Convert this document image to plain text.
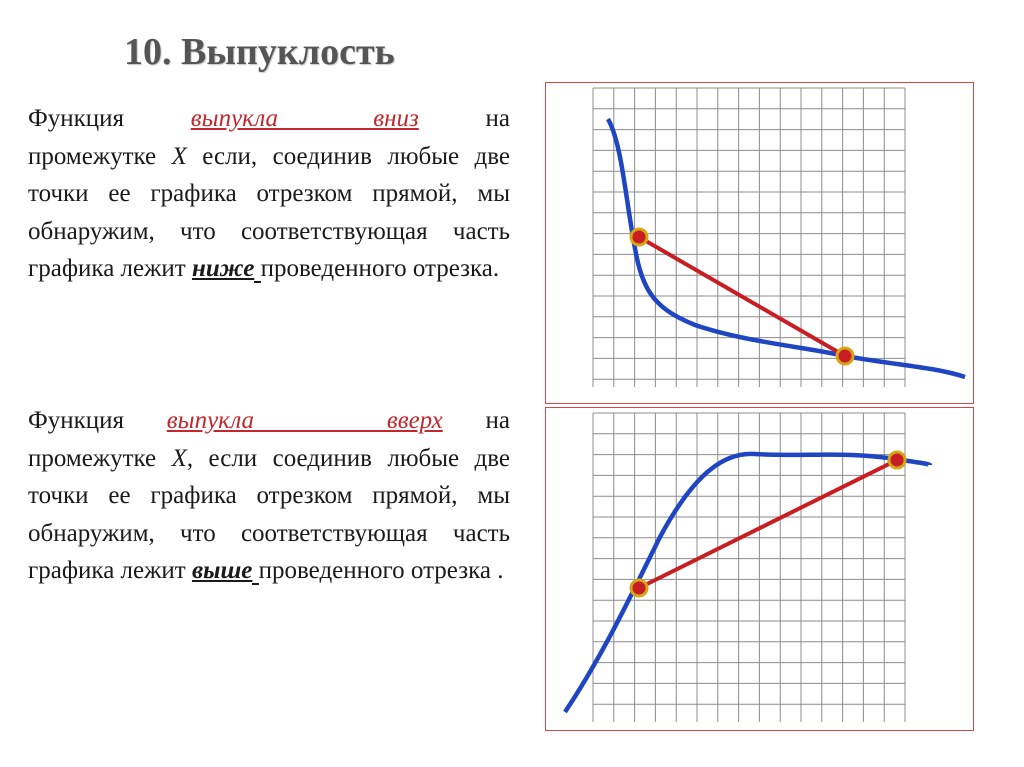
10. Выпуклость

Функция	выпукла вниз	на промежутке Х если, соединив любые две точки ее графика отрезком прямой, мы обнаружим, что соответствующая часть графика лежит ниже проведенного отрезка.

Функция выпукла вверх на промежутке Х, если соединив любые две точки ее графика отрезком прямой, мы обнаружим, что соответствующая часть графика лежит выше проведенного отрезка .
